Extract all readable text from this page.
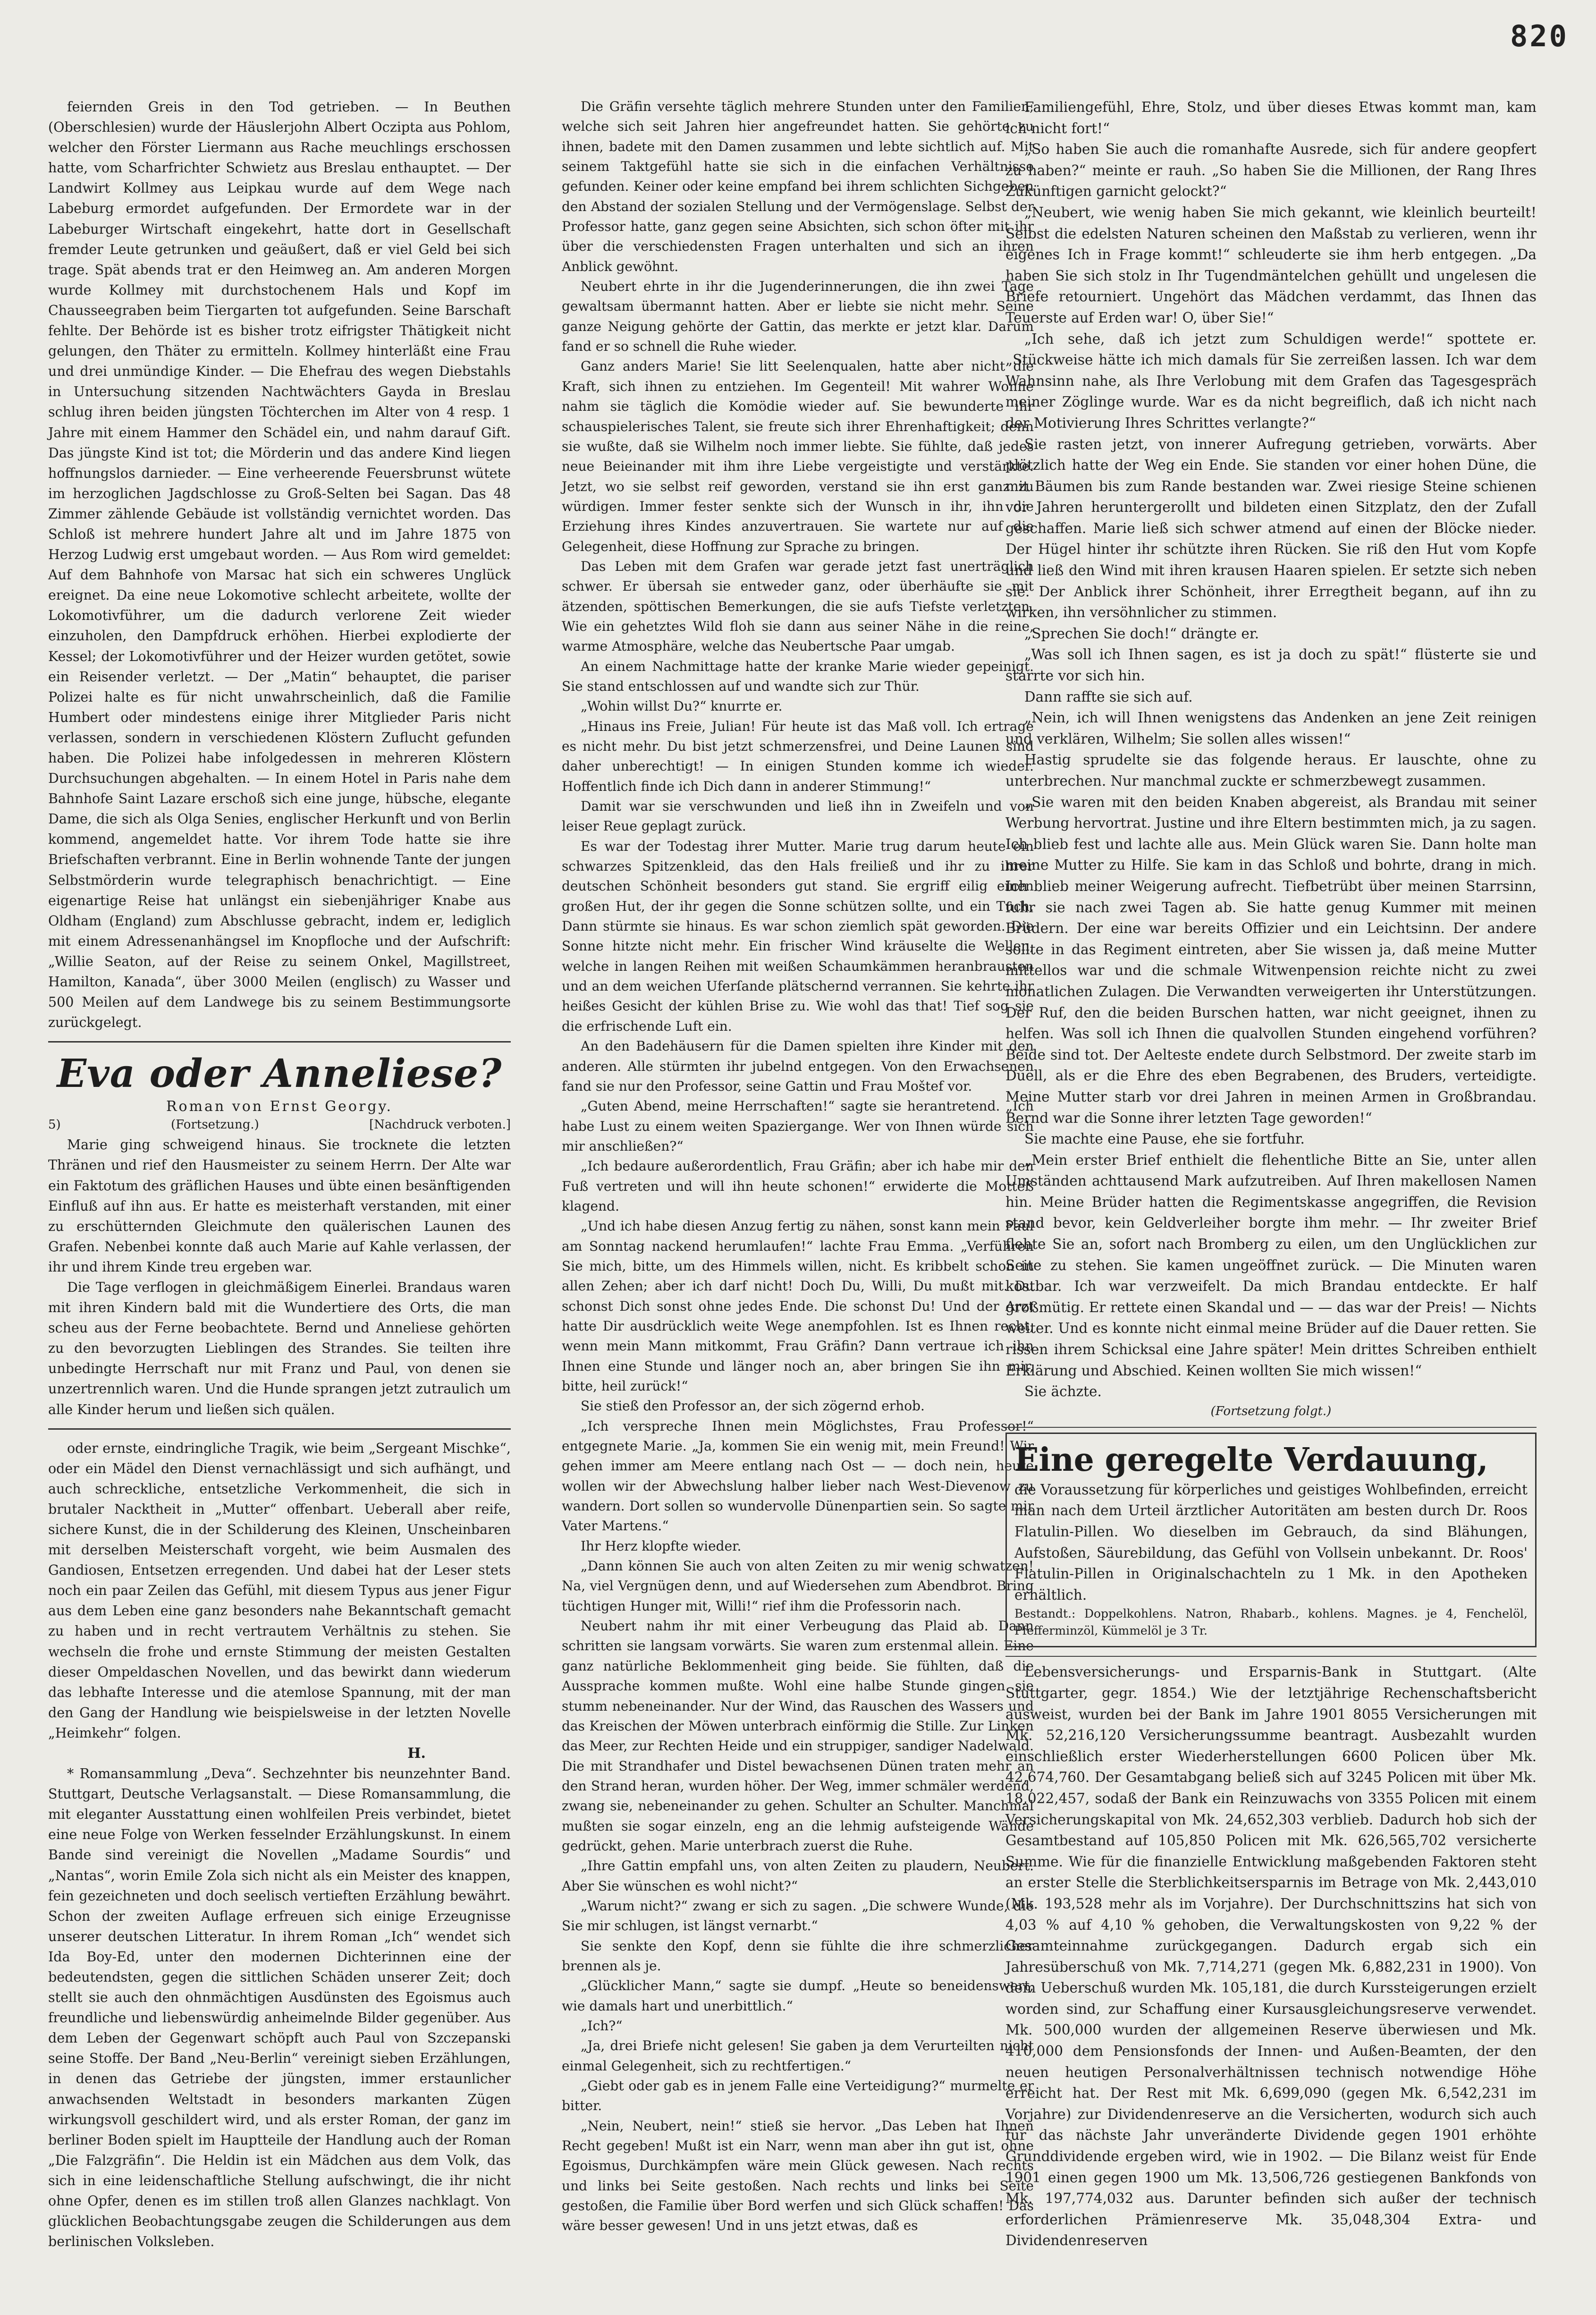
820

feiernden Greis in den Tod getrieben. — In Beuthen (Oberschlesien) wurde der Häuslerjohn Albert Oczipta aus Pohlom, welcher den Förster Liermann aus Rache meuchlings erschossen hatte, vom Scharfrichter Schwietz aus Breslau enthauptet. — Der Landwirt Kollmey aus Leipkau wurde auf dem Wege nach Labeburg ermordet aufgefunden. Der Ermordete war in der Labeburger Wirtschaft eingekehrt, hatte dort in Gesellschaft fremder Leute getrunken und geäußert, daß er viel Geld bei sich trage. Spät abends trat er den Heimweg an. Am anderen Morgen wurde Kollmey mit durchstochenem Hals und Kopf im Chausseegraben beim Tiergarten tot aufgefunden. Seine Barschaft fehlte. Der Behörde ist es bisher trotz eifrigster Thätigkeit nicht gelungen, den Thäter zu ermitteln. Kollmey hinterläßt eine Frau und drei unmündige Kinder. — Die Ehefrau des wegen Diebstahls in Untersuchung sitzenden Nachtwächters Gayda in Breslau schlug ihren beiden jüngsten Töchterchen im Alter von 4 resp. 1 Jahre mit einem Hammer den Schädel ein, und nahm darauf Gift. Das jüngste Kind ist tot; die Mörderin und das andere Kind liegen hoffnungslos darnieder. — Eine verheerende Feuersbrunst wütete im herzoglichen Jagdschlosse zu Groß-Selten bei Sagan. Das 48 Zimmer zählende Gebäude ist vollständig vernichtet worden. Das Schloß ist mehrere hundert Jahre alt und im Jahre 1875 von Herzog Ludwig erst umgebaut worden. — Aus Rom wird gemeldet: Auf dem Bahnhofe von Marsac hat sich ein schweres Unglück ereignet. Da eine neue Lokomotive schlecht arbeitete, wollte der Lokomotivführer, um die dadurch verlorene Zeit wieder einzuholen, den Dampfdruck erhöhen. Hierbei explodierte der Kessel; der Lokomotivführer und der Heizer wurden getötet, sowie ein Reisender verletzt. — Der „Matin“ behauptet, die pariser Polizei halte es für nicht unwahrscheinlich, daß die Familie Humbert oder mindestens einige ihrer Mitglieder Paris nicht verlassen, sondern in verschiedenen Klöstern Zuflucht gefunden haben. Die Polizei habe infolgedessen in mehreren Klöstern Durchsuchungen abgehalten. — In einem Hotel in Paris nahe dem Bahnhofe Saint Lazare erschoß sich eine junge, hübsche, elegante Dame, die sich als Olga Senies, englischer Herkunft und von Berlin kommend, angemeldet hatte. Vor ihrem Tode hatte sie ihre Briefschaften verbrannt. Eine in Berlin wohnende Tante der jungen Selbstmörderin wurde telegraphisch benachrichtigt. — Eine eigenartige Reise hat unlängst ein siebenjähriger Knabe aus Oldham (England) zum Abschlusse gebracht, indem er, lediglich mit einem Adressenanhängsel im Knopfloche und der Aufschrift: „Willie Seaton, auf der Reise zu seinem Onkel, Magillstreet, Hamilton, Kanada“, über 3000 Meilen (englisch) zu Wasser und 500 Meilen auf dem Landwege bis zu seinem Bestimmungsorte zurückgelegt.

Eva oder Anneliese?
Roman von Ernst Georgy.
5)	(Fortsetzung.)	[Nachdruck verboten.]

Marie ging schweigend hinaus. Sie trocknete die letzten Thränen und rief den Hausmeister zu seinem Herrn. Der Alte war ein Faktotum des gräflichen Hauses und übte einen besänftigenden Einfluß auf ihn aus. Er hatte es meisterhaft verstanden, mit einer zu erschütternden Gleichmute den quälerischen Launen des Grafen. Nebenbei konnte daß auch Marie auf Kahle verlassen, der ihr und ihrem Kinde treu ergeben war.

Die Tage verflogen in gleichmäßigem Einerlei. Brandaus waren mit ihren Kindern bald mit die Wundertiere des Orts, die man scheu aus der Ferne beobachtete. Bernd und Anneliese gehörten zu den bevorzugten Lieblingen des Strandes. Sie teilten ihre unbedingte Herrschaft nur mit Franz und Paul, von denen sie unzertrennlich waren. Und die Hunde sprangen jetzt zutraulich um alle Kinder herum und ließen sich quälen.

oder ernste, eindringliche Tragik, wie beim „Sergeant Mischke“, oder ein Mädel den Dienst vernachlässigt und sich aufhängt, und auch schreckliche, entsetzliche Verkommenheit, die sich in brutaler Nacktheit in „Mutter“ offenbart. Ueberall aber reife, sichere Kunst, die in der Schilderung des Kleinen, Unscheinbaren mit derselben Meisterschaft vorgeht, wie beim Ausmalen des Gandiosen, Entsetzen erregenden. Und dabei hat der Leser stets noch ein paar Zeilen das Gefühl, mit diesem Typus aus jener Figur aus dem Leben eine ganz besonders nahe Bekanntschaft gemacht zu haben und in recht vertrautem Verhältnis zu stehen. Sie wechseln die frohe und ernste Stimmung der meisten Gestalten dieser Ompeldaschen Novellen, und das bewirkt dann wiederum das lebhafte Interesse und die atemlose Spannung, mit der man den Gang der Handlung wie beispielsweise in der letzten Novelle „Heimkehr“ folgen.

H.

* Romansammlung „Deva“. Sechzehnter bis neunzehnter Band. Stuttgart, Deutsche Verlagsanstalt. — Diese Romansammlung, die mit eleganter Ausstattung einen wohlfeilen Preis verbindet, bietet eine neue Folge von Werken fesselnder Erzählungskunst. In einem Bande sind vereinigt die Novellen „Madame Sourdis“ und „Nantas“, worin Emile Zola sich nicht als ein Meister des knappen, fein gezeichneten und doch seelisch vertieften Erzählung bewährt. Schon der zweiten Auflage erfreuen sich einige Erzeugnisse unserer deutschen Litteratur. In ihrem Roman „Ich“ wendet sich Ida Boy-Ed, unter den modernen Dichterinnen eine der bedeutendsten, gegen die sittlichen Schäden unserer Zeit; doch stellt sie auch den ohnmächtigen Ausdünsten des Egoismus auch freundliche und liebenswürdig anheimelnde Bilder gegenüber. Aus dem Leben der Gegenwart schöpft auch Paul von Szczepanski seine Stoffe. Der Band „Neu-Berlin“ vereinigt sieben Erzählungen, in denen das Getriebe der jüngsten, immer erstaunlicher anwachsenden Weltstadt in besonders markanten Zügen wirkungsvoll geschildert wird, und als erster Roman, der ganz im berliner Boden spielt im Hauptteile der Handlung auch der Roman „Die Falzgräfin“. Die Heldin ist ein Mädchen aus dem Volk, das sich in eine leidenschaftliche Stellung aufschwingt, die ihr nicht ohne Opfer, denen es im stillen troß allen Glanzes nachklagt. Von glücklichen Beobachtungsgabe zeugen die Schilderungen aus dem berlinischen Volksleben.

Die Gräfin versehte täglich mehrere Stunden unter den Familien, welche sich seit Jahren hier angefreundet hatten. Sie gehörte zu ihnen, badete mit den Damen zusammen und lebte sichtlich auf. Mit seinem Taktgefühl hatte sie sich in die einfachen Verhältnisse gefunden. Keiner oder keine empfand bei ihrem schlichten Sichgeben den Abstand der sozialen Stellung und der Vermögenslage. Selbst der Professor hatte, ganz gegen seine Absichten, sich schon öfter mit ihr über die verschiedensten Fragen unterhalten und sich an ihren Anblick gewöhnt.

Neubert ehrte in ihr die Jugenderinnerungen, die ihn zwei Tage gewaltsam übermannt hatten. Aber er liebte sie nicht mehr. Seine ganze Neigung gehörte der Gattin, das merkte er jetzt klar. Darum fand er so schnell die Ruhe wieder.

Ganz anders Marie! Sie litt Seelenqualen, hatte aber nicht die Kraft, sich ihnen zu entziehen. Im Gegenteil! Mit wahrer Wonne nahm sie täglich die Komödie wieder auf. Sie bewunderte ihr schauspielerisches Talent, sie freute sich ihrer Ehrenhaftigkeit; denn sie wußte, daß sie Wilhelm noch immer liebte. Sie fühlte, daß jedes neue Beieinander mit ihm ihre Liebe vergeistigte und verstärkte. Jetzt, wo sie selbst reif geworden, verstand sie ihn erst ganz zu würdigen. Immer fester senkte sich der Wunsch in ihr, ihn die Erziehung ihres Kindes anzuvertrauen. Sie wartete nur auf die Gelegenheit, diese Hoffnung zur Sprache zu bringen.

Das Leben mit dem Grafen war gerade jetzt fast unerträglich schwer. Er übersah sie entweder ganz, oder überhäufte sie mit ätzenden, spöttischen Bemerkungen, die sie aufs Tiefste verletzten. Wie ein gehetztes Wild floh sie dann aus seiner Nähe in die reine, warme Atmosphäre, welche das Neubertsche Paar umgab.

An einem Nachmittage hatte der kranke Marie wieder gepeinigt. Sie stand entschlossen auf und wandte sich zur Thür.

„Wohin willst Du?“ knurrte er.

„Hinaus ins Freie, Julian! Für heute ist das Maß voll. Ich ertrage es nicht mehr. Du bist jetzt schmerzensfrei, und Deine Launen sind daher unberechtigt! — In einigen Stunden komme ich wieder. Hoffentlich finde ich Dich dann in anderer Stimmung!“

Damit war sie verschwunden und ließ ihn in Zweifeln und von leiser Reue geplagt zurück.

Es war der Todestag ihrer Mutter. Marie trug darum heute ein schwarzes Spitzenkleid, das den Hals freiließ und ihr zu ihrer deutschen Schönheit besonders gut stand. Sie ergriff eilig einen großen Hut, der ihr gegen die Sonne schützen sollte, und ein Tuch. Dann stürmte sie hinaus. Es war schon ziemlich spät geworden. Die Sonne hitzte nicht mehr. Ein frischer Wind kräuselte die Wellen, welche in langen Reihen mit weißen Schaumkämmen heranbrausten und an dem weichen Uferſande plätschernd verrannen. Sie kehrte ihr heißes Gesicht der kühlen Brise zu. Wie wohl das that! Tief sog sie die erfrischende Luft ein.

An den Badehäusern für die Damen spielten ihre Kinder mit den anderen. Alle stürmten ihr jubelnd entgegen. Von den Erwachsenen fand sie nur den Professor, seine Gattin und Frau Moštef vor.

„Guten Abend, meine Herrschaften!“ sagte sie herantretend. „Ich habe Lust zu einem weiten Spaziergange. Wer von Ihnen würde sich mir anschließen?“

„Ich bedaure außerordentlich, Frau Gräfin; aber ich habe mir den Fuß vertreten und will ihn heute schonen!“ erwiderte die Motteß klagend.

„Und ich habe diesen Anzug fertig zu nähen, sonst kann mein Paul am Sonntag nackend herumlaufen!“ lachte Frau Emma. „Verführen Sie mich, bitte, um des Himmels willen, nicht. Es kribbelt schon in allen Zehen; aber ich darf nicht! Doch Du, Willi, Du mußt mit. Du schonst Dich sonst ohne jedes Ende. Die schonst Du! Und der Arzt hatte Dir ausdrücklich weite Wege anempfohlen. Ist es Ihnen recht, wenn mein Mann mitkommt, Frau Gräfin? Dann vertraue ich ihn Ihnen eine Stunde und länger noch an, aber bringen Sie ihn mir, bitte, heil zurück!“

Sie stieß den Professor an, der sich zögernd erhob.

„Ich verspreche Ihnen mein Möglichstes, Frau Professor!“ entgegnete Marie. „Ja, kommen Sie ein wenig mit, mein Freund! Wir gehen immer am Meere entlang nach Ost — — doch nein, heute wollen wir der Abwechslung halber lieber nach West-Dievenow zu wandern. Dort sollen so wundervolle Dünenpartien sein. So sagte mir Vater Martens.“

Ihr Herz klopfte wieder.

„Dann können Sie auch von alten Zeiten zu mir wenig schwatzen! Na, viel Vergnügen denn, und auf Wiedersehen zum Abendbrot. Bring tüchtigen Hunger mit, Willi!“ rief ihm die Professorin nach.

Neubert nahm ihr mit einer Verbeugung das Plaid ab. Dann schritten sie langsam vorwärts. Sie waren zum erstenmal allein. Eine ganz natürliche Beklommenheit ging beide. Sie fühlten, daß die Aussprache kommen mußte. Wohl eine halbe Stunde gingen sie stumm nebeneinander. Nur der Wind, das Rauschen des Wassers und das Kreischen der Möwen unterbrach einförmig die Stille. Zur Linken das Meer, zur Rechten Heide und ein struppiger, sandiger Nadelwald. Die mit Strandhafer und Distel bewachsenen Dünen traten mehr an den Strand heran, wurden höher. Der Weg, immer schmäler werdend, zwang sie, nebeneinander zu gehen. Schulter an Schulter. Manchmal mußten sie sogar einzeln, eng an die lehmig aufsteigende Wände gedrückt, gehen. Marie unterbrach zuerst die Ruhe.

„Ihre Gattin empfahl uns, von alten Zeiten zu plaudern, Neubert. Aber Sie wünschen es wohl nicht?“

„Warum nicht?“ zwang er sich zu sagen. „Die schwere Wunde, die Sie mir schlugen, ist längst vernarbt.“

Sie senkte den Kopf, denn sie fühlte die ihre schmerzlicher brennen als je.

„Glücklicher Mann,“ sagte sie dumpf. „Heute so beneidenswert, wie damals hart und unerbittlich.“

„Ich?“

„Ja, drei Briefe nicht gelesen! Sie gaben ja dem Verurteilten nicht einmal Gelegenheit, sich zu rechtfertigen.“

„Giebt oder gab es in jenem Falle eine Verteidigung?“ murmelte er bitter.

„Nein, Neubert, nein!“ stieß sie hervor. „Das Leben hat Ihnen Recht gegeben! Mußt ist ein Narr, wenn man aber ihn gut ist, ohne Egoismus, Durchkämpfen wäre mein Glück gewesen. Nach rechts und links bei Seite gestoßen. Nach rechts und links bei Seite gestoßen, die Familie über Bord werfen und sich Glück schaffen! Das wäre besser gewesen! Und in uns jetzt etwas, daß es

Familiengefühl, Ehre, Stolz, und über dieses Etwas kommt man, kam ich nicht fort!“

„So haben Sie auch die romanhafte Ausrede, sich für andere geopfert zu haben?“ meinte er rauh. „So haben Sie die Millionen, der Rang Ihres Zukünftigen garnicht gelockt?“

„Neubert, wie wenig haben Sie mich gekannt, wie kleinlich beurteilt! Selbst die edelsten Naturen scheinen den Maßstab zu verlieren, wenn ihr eigenes Ich in Frage kommt!“ schleuderte sie ihm herb entgegen. „Da haben Sie sich stolz in Ihr Tugendmäntelchen gehüllt und ungelesen die Briefe retourniert. Ungehört das Mädchen verdammt, das Ihnen das Teuerste auf Erden war! O, über Sie!“

„Ich sehe, daß ich jetzt zum Schuldigen werde!“ spottete er. „Stückweise hätte ich mich damals für Sie zerreißen lassen. Ich war dem Wahnsinn nahe, als Ihre Verlobung mit dem Grafen das Tagesgespräch meiner Zöglinge wurde. War es da nicht begreiflich, daß ich nicht nach der Motivierung Ihres Schrittes verlangte?“

Sie rasten jetzt, von innerer Aufregung getrieben, vorwärts. Aber plötzlich hatte der Weg ein Ende. Sie standen vor einer hohen Düne, die mit Bäumen bis zum Rande bestanden war. Zwei riesige Steine schienen vor Jahren heruntergerollt und bildeten einen Sitzplatz, den der Zufall geschaffen. Marie ließ sich schwer atmend auf einen der Blöcke nieder. Der Hügel hinter ihr schützte ihren Rücken. Sie riß den Hut vom Kopfe und ließ den Wind mit ihren krausen Haaren spielen. Er setzte sich neben sie. Der Anblick ihrer Schönheit, ihrer Erregtheit begann, auf ihn zu wirken, ihn versöhnlicher zu stimmen.

„Sprechen Sie doch!“ drängte er.

„Was soll ich Ihnen sagen, es ist ja doch zu spät!“ flüsterte sie und starrte vor sich hin.

Dann raffte sie sich auf.

„Nein, ich will Ihnen wenigstens das Andenken an jene Zeit reinigen und verklären, Wilhelm; Sie sollen alles wissen!“

Hastig sprudelte sie das folgende heraus. Er lauschte, ohne zu unterbrechen. Nur manchmal zuckte er schmerzbewegt zusammen.

„Sie waren mit den beiden Knaben abgereist, als Brandau mit seiner Werbung hervortrat. Justine und ihre Eltern bestimmten mich, ja zu sagen. Ich blieb fest und lachte alle aus. Mein Glück waren Sie. Dann holte man meine Mutter zu Hilfe. Sie kam in das Schloß und bohrte, drang in mich. Ich blieb meiner Weigerung aufrecht. Tiefbetrübt über meinen Starrsinn, fuhr sie nach zwei Tagen ab. Sie hatte genug Kummer mit meinen Brüdern. Der eine war bereits Offizier und ein Leichtsinn. Der andere sollte in das Regiment eintreten, aber Sie wissen ja, daß meine Mutter mittellos war und die schmale Witwenpension reichte nicht zu zwei monatlichen Zulagen. Die Verwandten verweigerten ihr Unterstützungen. Der Ruf, den die beiden Burschen hatten, war nicht geeignet, ihnen zu helfen. Was soll ich Ihnen die qualvollen Stunden eingehend vorführen? Beide sind tot. Der Aelteste endete durch Selbstmord. Der zweite starb im Duell, als er die Ehre des eben Begrabenen, des Bruders, verteidigte. Meine Mutter starb vor drei Jahren in meinen Armen in Großbrandau. Bernd war die Sonne ihrer letzten Tage geworden!“

Sie machte eine Pause, ehe sie fortfuhr.

„Mein erster Brief enthielt die flehentliche Bitte an Sie, unter allen Umständen achttausend Mark aufzutreiben. Auf Ihren makellosen Namen hin. Meine Brüder hatten die Regimentskasse angegriffen, die Revision stand bevor, kein Geldverleiher borgte ihm mehr. — Ihr zweiter Brief flehte Sie an, sofort nach Bromberg zu eilen, um den Unglücklichen zur Seite zu stehen. Sie kamen ungeöffnet zurück. — Die Minuten waren kostbar. Ich war verzweifelt. Da mich Brandau entdeckte. Er half großmütig. Er rettete einen Skandal und — — das war der Preis! — Nichts weiter. Und es konnte nicht einmal meine Brüder auf die Dauer retten. Sie rissen ihrem Schicksal eine Jahre später! Mein drittes Schreiben enthielt Erklärung und Abschied. Keinen wollten Sie mich wissen!“

Sie ächzte.

(Fortsetzung folgt.)
Eine geregelte Verdauung,

die Voraussetzung für körperliches und geistiges Wohlbefinden, erreicht man nach dem Urteil ärztlicher Autoritäten am besten durch Dr. Roos Flatulin-Pillen. Wo dieselben im Gebrauch, da sind Blähungen, Aufstoßen, Säurebildung, das Gefühl von Vollsein unbekannt. Dr. Roos' Flatulin-Pillen in Originalschachteln zu 1 Mk. in den Apotheken erhältlich.

Bestandt.: Doppelkohlens. Natron, Rhabarb., kohlens. Magnes. je 4, Fenchelöl, Pfefferminzöl, Kümmelöl je 3 Tr.

Lebensversicherungs- und Ersparnis-Bank in Stuttgart. (Alte Stuttgarter, gegr. 1854.) Wie der letztjährige Rechenschaftsbericht ausweist, wurden bei der Bank im Jahre 1901 8055 Versicherungen mit Mk. 52,216,120 Versicherungssumme beantragt. Ausbezahlt wurden einschließlich erster Wiederherstellungen 6600 Policen über Mk. 42,674,760. Der Gesamtabgang beließ sich auf 3245 Policen mit über Mk. 18,022,457, sodaß der Bank ein Reinzuwachs von 3355 Policen mit einem Versicherungskapital von Mk. 24,652,303 verblieb. Dadurch hob sich der Gesamtbestand auf 105,850 Policen mit Mk. 626,565,702 versicherte Summe. Wie für die finanzielle Entwicklung maßgebenden Faktoren steht an erster Stelle die Sterblichkeitsersparnis im Betrage von Mk. 2,443,010 (Mk. 193,528 mehr als im Vorjahre). Der Durchschnittszins hat sich von 4,03 % auf 4,10 % gehoben, die Verwaltungskosten von 9,22 % der Gesamteinnahme zurückgegangen. Dadurch ergab sich ein Jahresüberschuß von Mk. 7,714,271 (gegen Mk. 6,882,231 in 1900). Von dem Ueberschuß wurden Mk. 105,181, die durch Kurssteigerungen erzielt worden sind, zur Schaffung einer Kursausgleichungsreserve verwendet. Mk. 500,000 wurden der allgemeinen Reserve überwiesen und Mk. 410,000 dem Pensionsfonds der Innen- und Außen-Beamten, der den neuen heutigen Personalverhältnissen technisch notwendige Höhe erreicht hat. Der Rest mit Mk. 6,699,090 (gegen Mk. 6,542,231 im Vorjahre) zur Dividendenreserve an die Versicherten, wodurch sich auch für das nächste Jahr unveränderte Dividende gegen 1901 erhöhte Grunddividende ergeben wird, wie in 1902. — Die Bilanz weist für Ende 1901 einen gegen 1900 um Mk. 13,506,726 gestiegenen Bankfonds von Mk. 197,774,032 aus. Darunter befinden sich außer der technisch erforderlichen Prämienreserve Mk. 35,048,304 Extra- und Dividendenreserven
